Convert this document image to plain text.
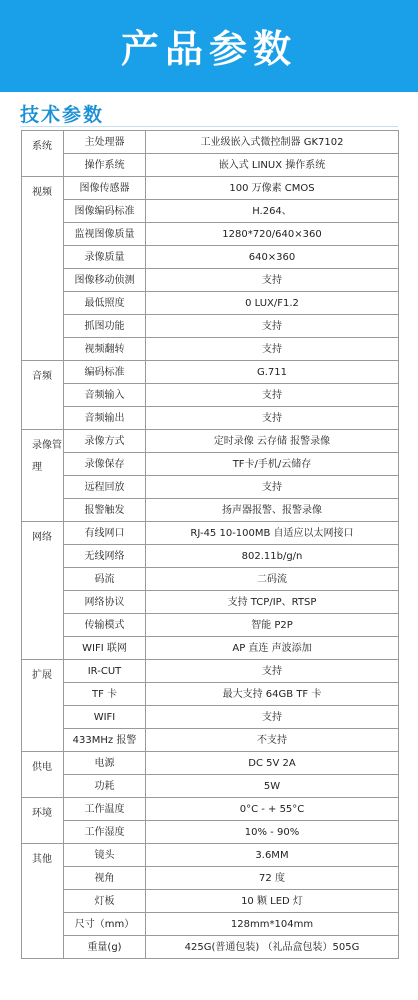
产品参数
技术参数
系统	主处理器	工业级嵌入式微控制器 GK7102
	操作系统	嵌入式 LINUX 操作系统
视频	图像传感器	100 万像素 CMOS
	图像编码标准	H.264、
	监视图像质量	1280*720/640×360
	录像质量	640×360
	图像移动侦测	支持
	最低照度	0 LUX/F1.2
	抓图功能	支持
	视频翻转	支持
音频	编码标准	G.711
	音频输入	支持
	音频输出	支持
录像管理	录像方式	定时录像 云存储 报警录像
	录像保存	TF卡/手机/云储存
	远程回放	支持
	报警触发	扬声器报警、报警录像
网络	有线网口	RJ-45 10-100MB 自适应以太网接口
	无线网络	802.11b/g/n
	码流	二码流
	网络协议	支持 TCP/IP、RTSP
	传输模式	智能 P2P
	WIFI 联网	AP 直连 声波添加
扩展	IR-CUT	支持
	TF 卡	最大支持 64GB TF 卡
	WIFI	支持
	433MHz 报警	不支持
供电	电源	DC 5V 2A
	功耗	5W
环境	工作温度	0°C - + 55°C
	工作湿度	10% - 90%
其他	镜头	3.6MM
	视角	72 度
	灯板	10 颗 LED 灯
	尺寸（mm）	128mm*104mm
	重量(g)	425G(普通包装) （礼品盒包装）505G
